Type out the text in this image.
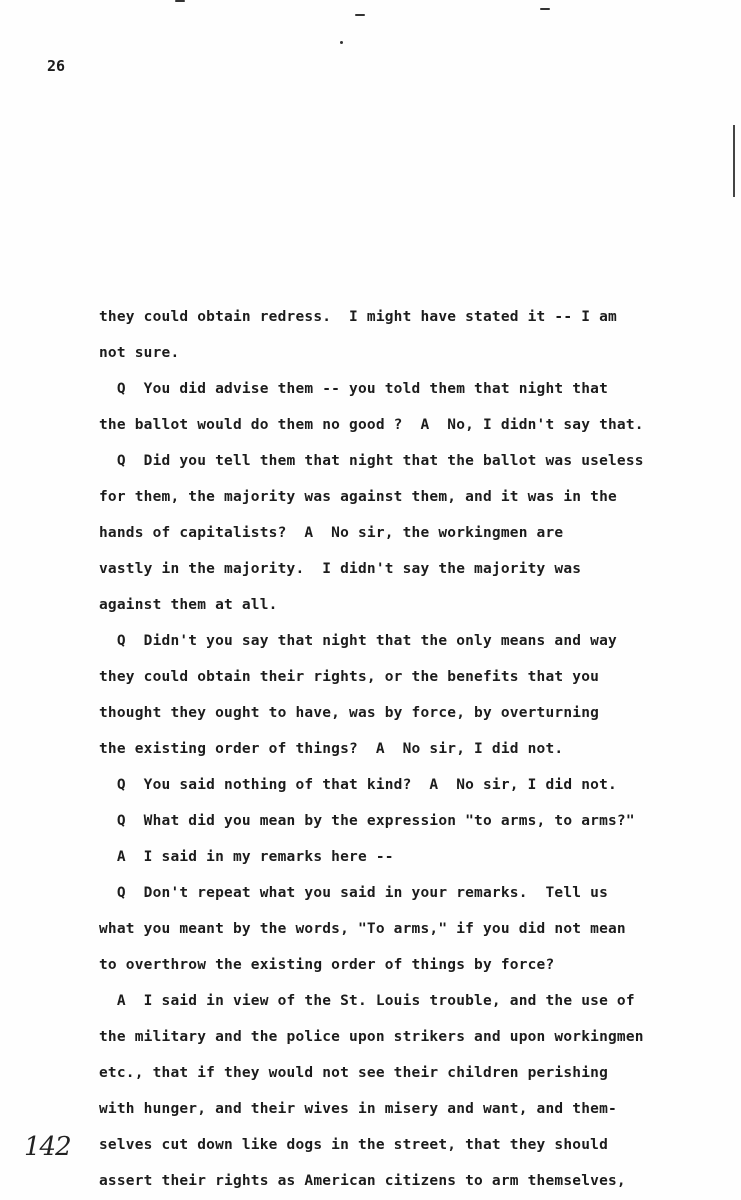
26
they could obtain redress.  I might have stated it -- I am
not sure.
Q  You did advise them -- you told them that night that
the ballot would do them no good ?  A  No, I didn't say that.
Q  Did you tell them that night that the ballot was useless
for them, the majority was against them, and it was in the
hands of capitalists?  A  No sir, the workingmen are
vastly in the majority.  I didn't say the majority was
against them at all.
Q  Didn't you say that night that the only means and way
they could obtain their rights, or the benefits that you
thought they ought to have, was by force, by overturning
the existing order of things?  A  No sir, I did not.
Q  You said nothing of that kind?  A  No sir, I did not.
Q  What did you mean by the expression "to arms, to arms?"
A  I said in my remarks here --
Q  Don't repeat what you said in your remarks.  Tell us
what you meant by the words, "To arms," if you did not mean
to overthrow the existing order of things by force?
A  I said in view of the St. Louis trouble, and the use of
the military and the police upon strikers and upon workingmen
etc., that if they would not see their children perishing
with hunger, and their wives in misery and want, and them-
selves cut down like dogs in the street, that they should
assert their rights as American citizens to arm themselves,
142
